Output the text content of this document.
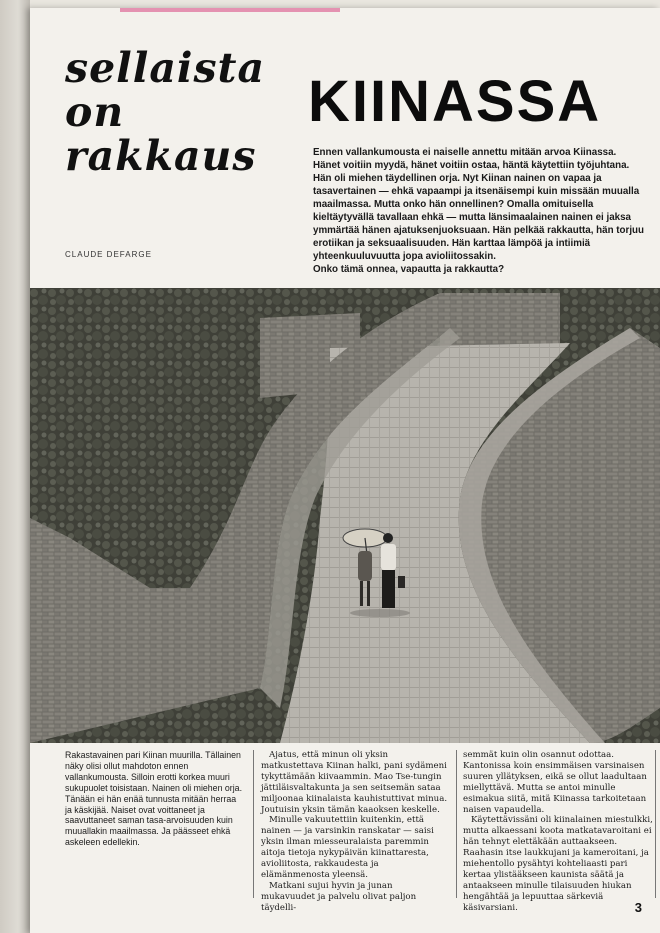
sellaista
on
rakkaus
CLAUDE DEFARGE
KIINASSA

Ennen vallankumousta ei naiselle annettu mitään arvoa Kiinassa. Hänet voitiin myydä, hänet voitiin ostaa, häntä käytettiin työjuhtana. Hän oli miehen täydellinen orja. Nyt Kiinan nainen on vapaa ja tasavertainen — ehkä vapaampi ja itsenäisempi kuin missään muualla maailmassa. Mutta onko hän onnellinen? Omalla omituisella kieltäytyvällä tavallaan ehkä — mutta länsimaalainen nainen ei jaksa ymmärtää hänen ajatuksenjuoksuaan. Hän pelkää rakkautta, hän torjuu erotiikan ja seksuaalisuuden. Hän karttaa lämpöä ja intiimiä yhteenkuuluvuutta jopa avioliitossakin.

Onko tämä onnea, vapautta ja rakkautta?

Rakastavainen pari Kiinan muurilla. Tällainen näky olisi ollut mahdoton ennen vallankumousta. Silloin erotti korkea muuri sukupuolet toisistaan. Nainen oli miehen orja. Tänään ei hän enää tunnusta mitään herraa ja käskijää. Naiset ovat voittaneet ja saavuttaneet saman tasa-arvoisuuden kuin muuallakin maailmassa. Ja päässeet ehkä askeleen edellekin.

Ajatus, että minun oli yksin matkustettava Kiinan halki, pani sydämeni tykyttämään kiivaammin. Mao Tse-tungin jättiläisvaltakunta ja sen seitsemän sataa miljoonaa kiinalaista kauhistuttivat minua. Joutuisin yksin tämän kaaoksen keskelle.

Minulle vakuutettiin kuitenkin, että nainen — ja varsinkin ranskatar — saisi yksin ilman miesseuralaista paremmin aitoja tietoja nykypäivän kiinattaresta, avioliitosta, rakkaudesta ja elämänmenosta yleensä.

Matkani sujui hyvin ja junan mukavuudet ja palvelu olivat paljon täydelli-

semmät kuin olin osannut odottaa. Kantonissa koin ensimmäisen varsinaisen suuren yllätyksen, eikä se ollut laadultaan miellyttävä. Mutta se antoi minulle esimakua siitä, mitä Kiinassa tarkoitetaan naisen vapaudella.

Käytettävissäni oli kiinalainen miestulkki, mutta alkaessani koota matkatavaroitani ei hän tehnyt elettäkään auttaakseen. Raahasin itse laukkujani ja kameroitani, ja miehentollo pysähtyi kohteliaasti pari kertaa ylistääkseen kaunista säätä ja antaakseen minulle tilaisuuden hiukan hengähtää ja lepuuttaa särkeviä käsivarsiani.	3
